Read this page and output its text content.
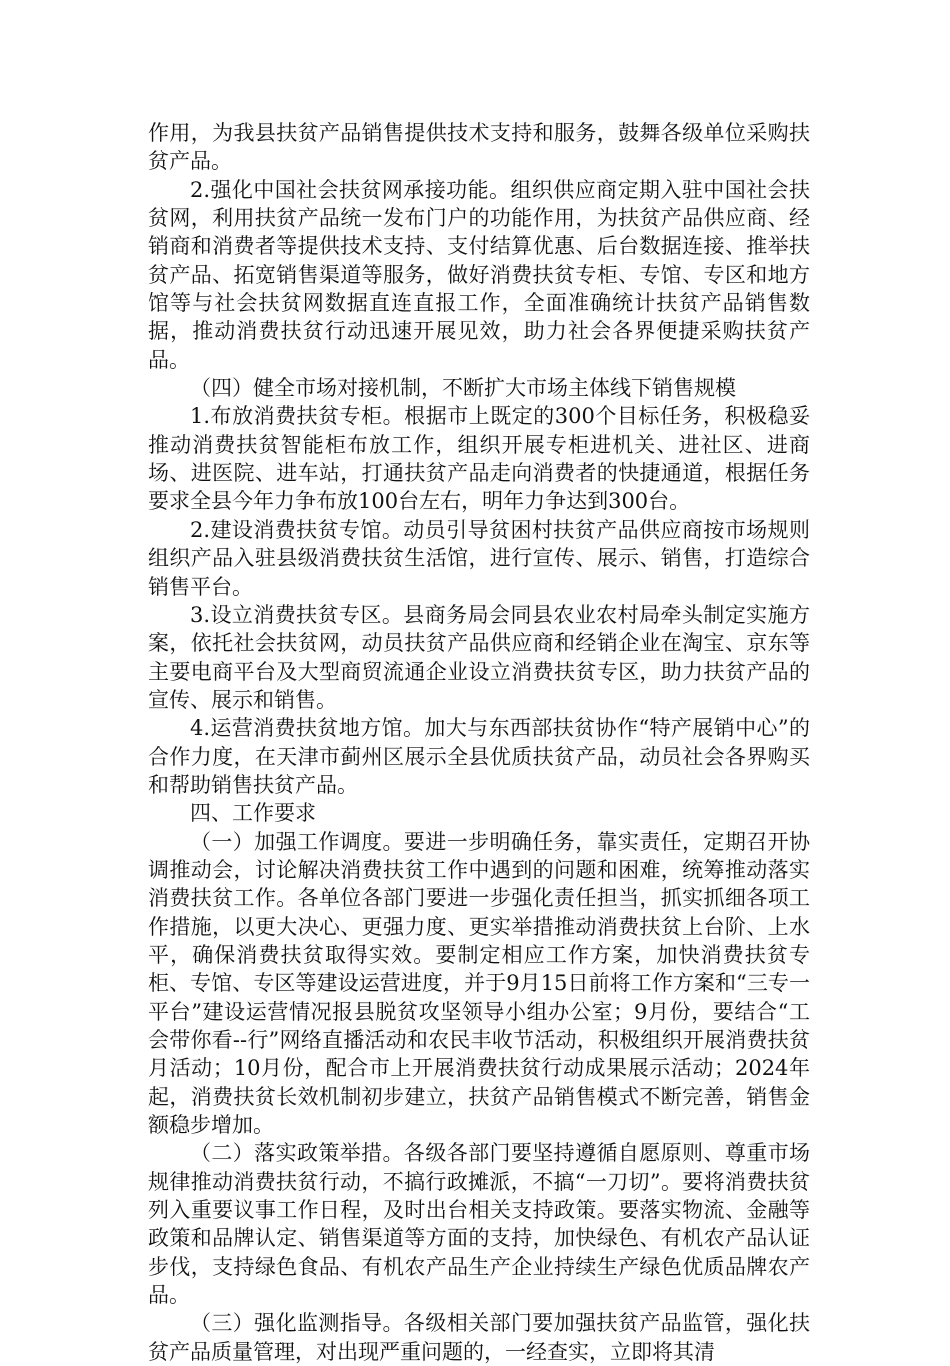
作用，为我县扶贫产品销售提供技术支持和服务，鼓舞各级单位采购扶贫产品。

2.强化中国社会扶贫网承接功能。组织供应商定期入驻中国社会扶贫网，利用扶贫产品统一发布门户的功能作用，为扶贫产品供应商、经销商和消费者等提供技术支持、支付结算优惠、后台数据连接、推举扶贫产品、拓宽销售渠道等服务，做好消费扶贫专柜、专馆、专区和地方馆等与社会扶贫网数据直连直报工作，全面准确统计扶贫产品销售数据，推动消费扶贫行动迅速开展见效，助力社会各界便捷采购扶贫产品。

（四）健全市场对接机制，不断扩大市场主体线下销售规模

1.布放消费扶贫专柜。根据市上既定的300个目标任务，积极稳妥推动消费扶贫智能柜布放工作，组织开展专柜进机关、进社区、进商场、进医院、进车站，打通扶贫产品走向消费者的快捷通道，根据任务要求全县今年力争布放100台左右，明年力争达到300台。

2.建设消费扶贫专馆。动员引导贫困村扶贫产品供应商按市场规则组织产品入驻县级消费扶贫生活馆，进行宣传、展示、销售，打造综合销售平台。

3.设立消费扶贫专区。县商务局会同县农业农村局牵头制定实施方案，依托社会扶贫网，动员扶贫产品供应商和经销企业在淘宝、京东等主要电商平台及大型商贸流通企业设立消费扶贫专区，助力扶贫产品的宣传、展示和销售。

4.运营消费扶贫地方馆。加大与东西部扶贫协作“特产展销中心”的合作力度，在天津市蓟州区展示全县优质扶贫产品，动员社会各界购买和帮助销售扶贫产品。

四、工作要求

（一）加强工作调度。要进一步明确任务，靠实责任，定期召开协调推动会，讨论解决消费扶贫工作中遇到的问题和困难，统筹推动落实消费扶贫工作。各单位各部门要进一步强化责任担当，抓实抓细各项工作措施，以更大决心、更强力度、更实举措推动消费扶贫上台阶、上水平，确保消费扶贫取得实效。要制定相应工作方案，加快消费扶贫专柜、专馆、专区等建设运营进度，并于9月15日前将工作方案和“三专一平台”建设运营情况报县脱贫攻坚领导小组办公室；9月份，要结合“工会带你看--行”网络直播活动和农民丰收节活动，积极组织开展消费扶贫月活动；10月份，配合市上开展消费扶贫行动成果展示活动；2024年起，消费扶贫长效机制初步建立，扶贫产品销售模式不断完善，销售金额稳步增加。

（二）落实政策举措。各级各部门要坚持遵循自愿原则、尊重市场规律推动消费扶贫行动，不搞行政摊派，不搞“一刀切”。要将消费扶贫列入重要议事工作日程，及时出台相关支持政策。要落实物流、金融等政策和品牌认定、销售渠道等方面的支持，加快绿色、有机农产品认证步伐，支持绿色食品、有机农产品生产企业持续生产绿色优质品牌农产品。

（三）强化监测指导。各级相关部门要加强扶贫产品监管，强化扶贫产品质量管理，对出现严重问题的，一经查实，立即将其清
